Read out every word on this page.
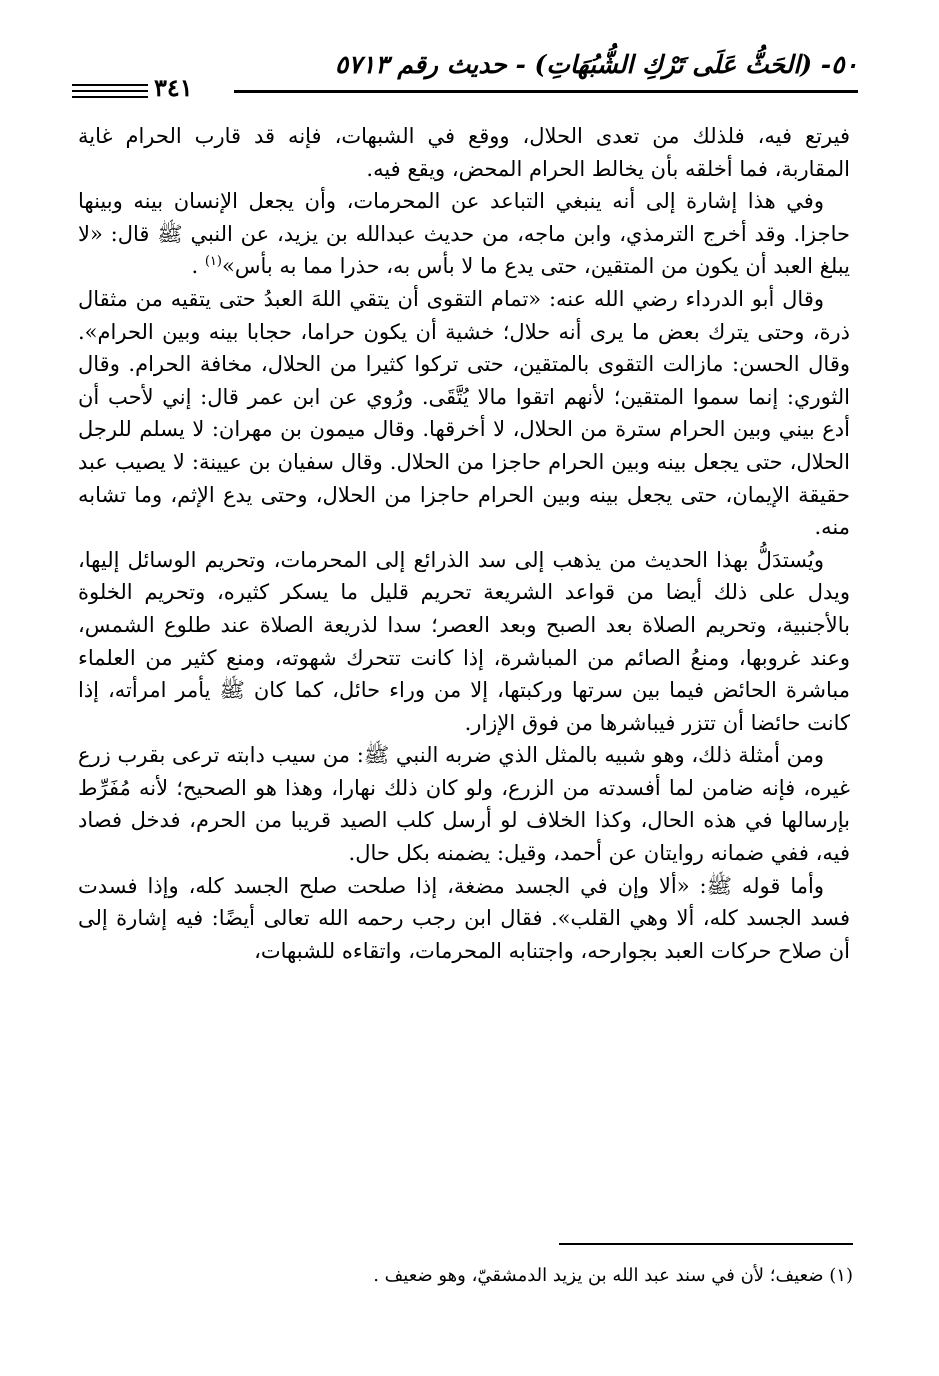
٥٠- (الحَثُّ عَلَى تَرْكِ الشُّبُهَاتِ) - حديث رقم ٥٧١٣
٣٤١

فيرتع فيه، فلذلك من تعدى الحلال، ووقع في الشبهات، فإنه قد قارب الحرام غاية المقاربة، فما أخلقه بأن يخالط الحرام المحض، ويقع فيه.

وفي هذا إشارة إلى أنه ينبغي التباعد عن المحرمات، وأن يجعل الإنسان بينه وبينها حاجزا. وقد أخرج الترمذي، وابن ماجه، من حديث عبدالله بن يزيد، عن النبي ﷺ قال: «لا يبلغ العبد أن يكون من المتقين، حتى يدع ما لا بأس به، حذرا مما به بأس»$^{(١)}$ .

وقال أبو الدرداء رضي الله عنه: «تمام التقوى أن يتقي اللهَ العبدُ حتى يتقيه من مثقال ذرة، وحتى يترك بعض ما يرى أنه حلال؛ خشية أن يكون حراما، حجابا بينه وبين الحرام». وقال الحسن: مازالت التقوى بالمتقين، حتى تركوا كثيرا من الحلال، مخافة الحرام. وقال الثوري: إنما سموا المتقين؛ لأنهم اتقوا مالا يُتَّقَى. ورُوي عن ابن عمر قال: إني لأحب أن أدع بيني وبين الحرام سترة من الحلال، لا أخرقها. وقال ميمون بن مهران: لا يسلم للرجل الحلال، حتى يجعل بينه وبين الحرام حاجزا من الحلال. وقال سفيان بن عيينة: لا يصيب عبد حقيقة الإيمان، حتى يجعل بينه وبين الحرام حاجزا من الحلال، وحتى يدع الإثم، وما تشابه منه.

ويُستدَلُّ بهذا الحديث من يذهب إلى سد الذرائع إلى المحرمات، وتحريم الوسائل إليها، ويدل على ذلك أيضا من قواعد الشريعة تحريم قليل ما يسكر كثيره، وتحريم الخلوة بالأجنبية، وتحريم الصلاة بعد الصبح وبعد العصر؛ سدا لذريعة الصلاة عند طلوع الشمس، وعند غروبها، ومنعُ الصائم من المباشرة، إذا كانت تتحرك شهوته، ومنع كثير من العلماء مباشرة الحائض فيما بين سرتها وركبتها، إلا من وراء حائل، كما كان ﷺ يأمر امرأته، إذا كانت حائضا أن تتزر فيباشرها من فوق الإزار.

ومن أمثلة ذلك، وهو شبيه بالمثل الذي ضربه النبي ﷺ: من سيب دابته ترعى بقرب زرع غيره، فإنه ضامن لما أفسدته من الزرع، ولو كان ذلك نهارا، وهذا هو الصحيح؛ لأنه مُفَرِّط بإرسالها في هذه الحال، وكذا الخلاف لو أرسل كلب الصيد قريبا من الحرم، فدخل فصاد فيه، ففي ضمانه روايتان عن أحمد، وقيل: يضمنه بكل حال.

وأما قوله ﷺ: «ألا وإن في الجسد مضغة، إذا صلحت صلح الجسد كله، وإذا فسدت فسد الجسد كله، ألا وهي القلب». فقال ابن رجب رحمه الله تعالى أيضًا: فيه إشارة إلى أن صلاح حركات العبد بجوارحه، واجتنابه المحرمات، واتقاءه للشبهات،

(١) ضعيف؛ لأن في سند عبد الله بن يزيد الدمشقيّ، وهو ضعيف .
